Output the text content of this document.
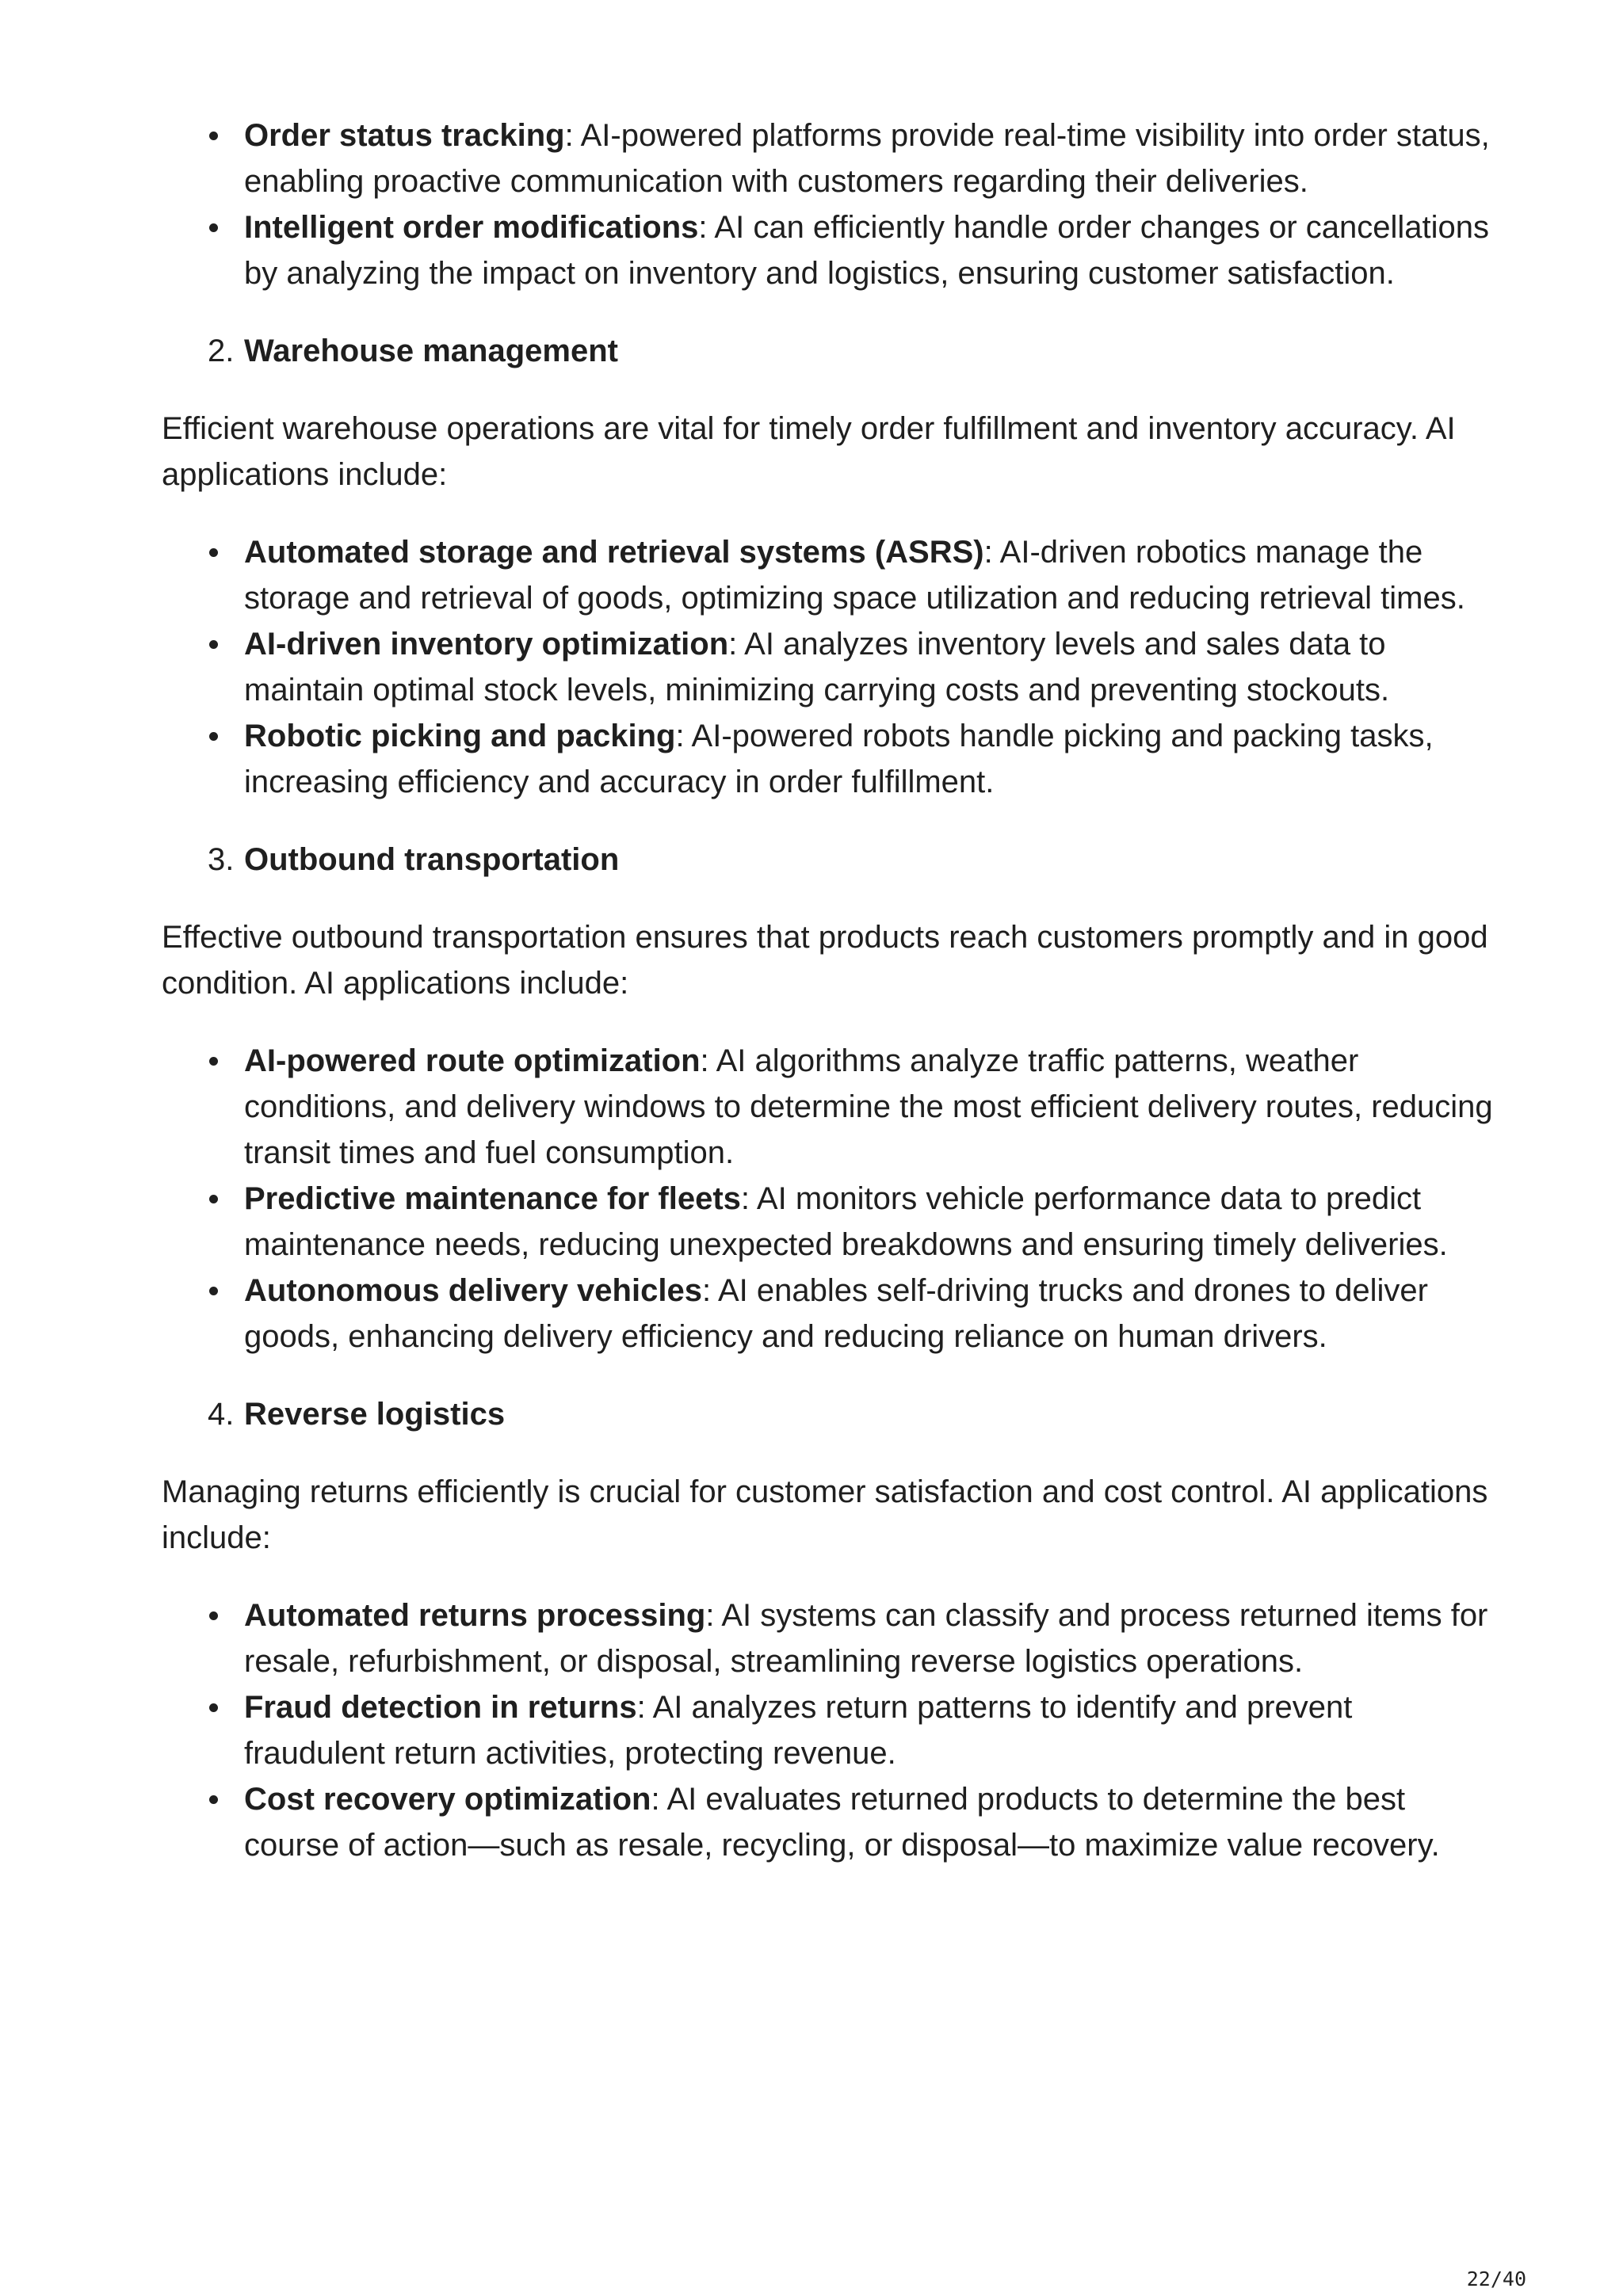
Order status tracking: AI-powered platforms provide real-time visibility into order status, enabling proactive communication with customers regarding their deliveries.
Intelligent order modifications: AI can efficiently handle order changes or cancellations by analyzing the impact on inventory and logistics, ensuring customer satisfaction.
2. Warehouse management

Efficient warehouse operations are vital for timely order fulfillment and inventory accuracy. AI applications include:

Automated storage and retrieval systems (ASRS): AI-driven robotics manage the storage and retrieval of goods, optimizing space utilization and reducing retrieval times.
AI-driven inventory optimization: AI analyzes inventory levels and sales data to maintain optimal stock levels, minimizing carrying costs and preventing stockouts.
Robotic picking and packing: AI-powered robots handle picking and packing tasks, increasing efficiency and accuracy in order fulfillment.
3. Outbound transportation

Effective outbound transportation ensures that products reach customers promptly and in good condition. AI applications include:

AI-powered route optimization: AI algorithms analyze traffic patterns, weather conditions, and delivery windows to determine the most efficient delivery routes, reducing transit times and fuel consumption.
Predictive maintenance for fleets: AI monitors vehicle performance data to predict maintenance needs, reducing unexpected breakdowns and ensuring timely deliveries.
Autonomous delivery vehicles: AI enables self-driving trucks and drones to deliver goods, enhancing delivery efficiency and reducing reliance on human drivers.
4. Reverse logistics

Managing returns efficiently is crucial for customer satisfaction and cost control. AI applications include:

Automated returns processing: AI systems can classify and process returned items for resale, refurbishment, or disposal, streamlining reverse logistics operations.
Fraud detection in returns: AI analyzes return patterns to identify and prevent fraudulent return activities, protecting revenue.
Cost recovery optimization: AI evaluates returned products to determine the best course of action—such as resale, recycling, or disposal—to maximize value recovery.
22/40
